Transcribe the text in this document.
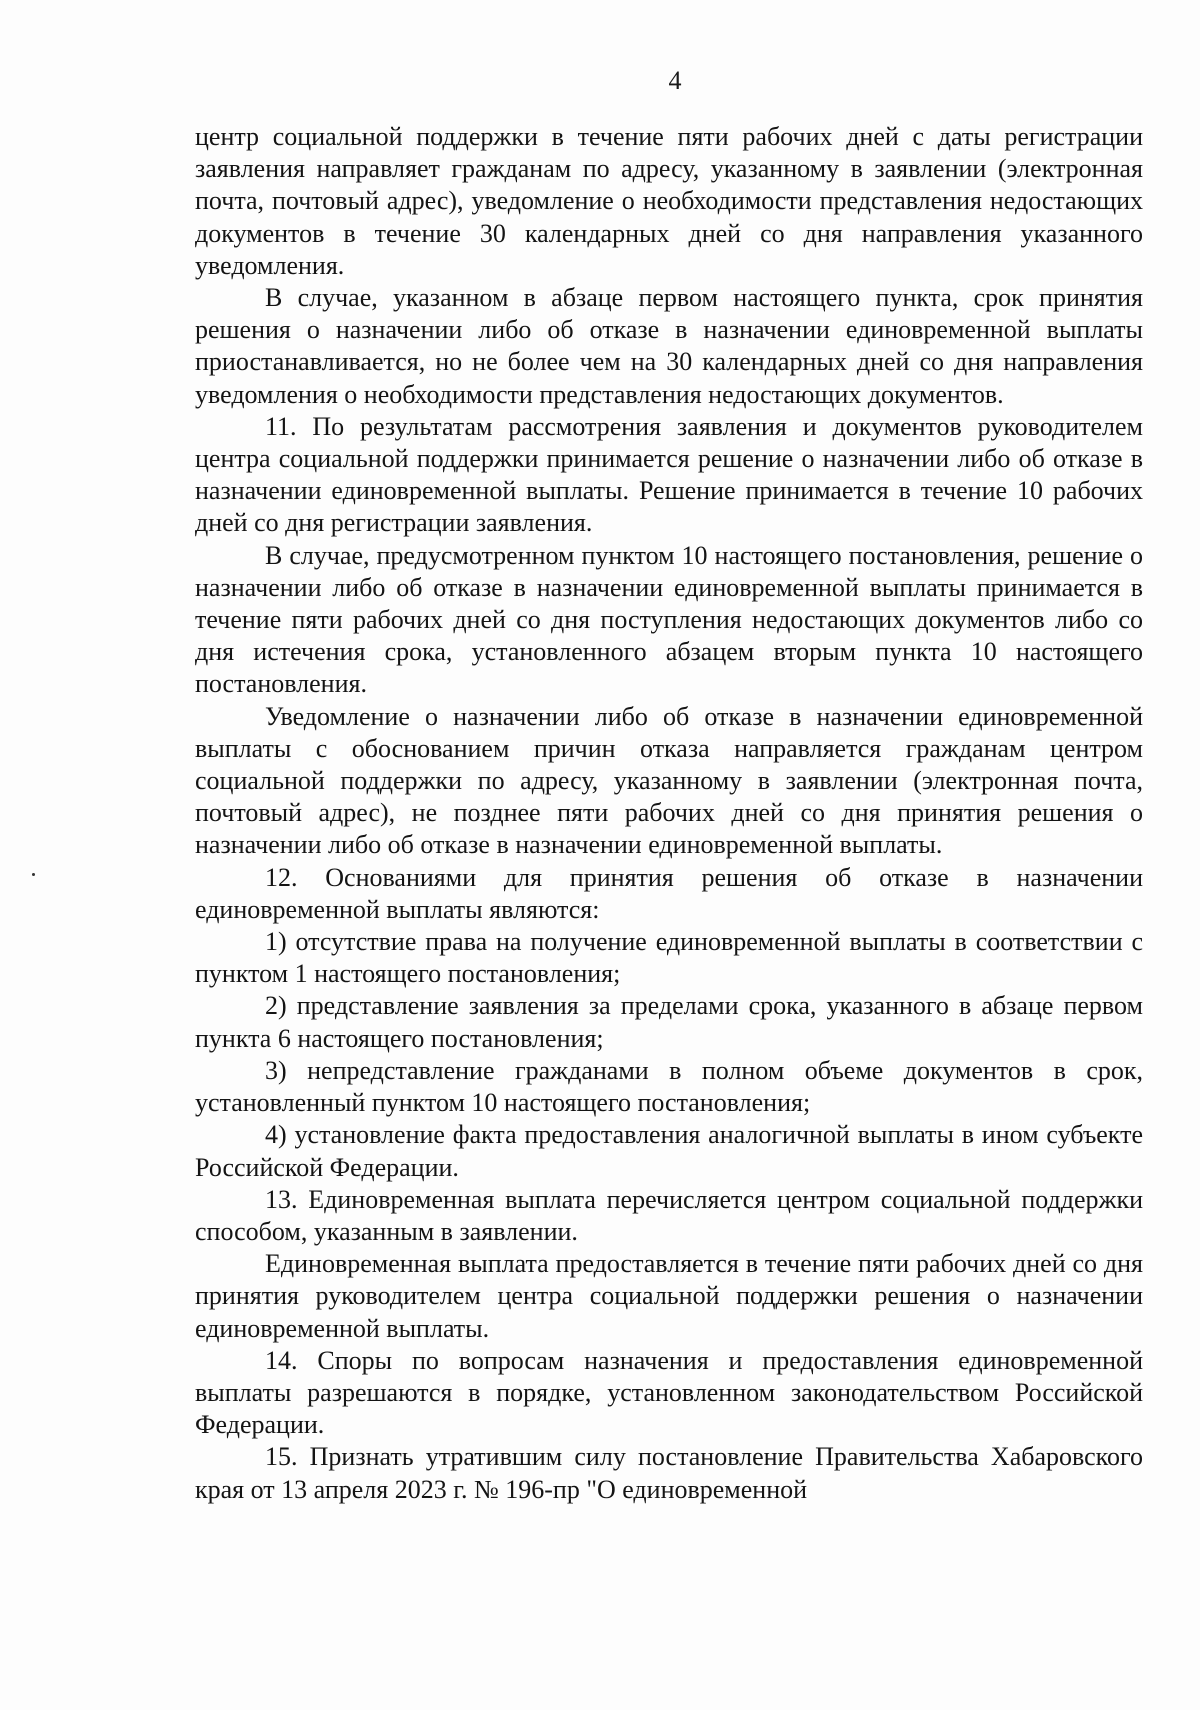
4

центр социальной поддержки в течение пяти рабочих дней с даты регистрации заявления направляет гражданам по адресу, указанному в заявлении (электронная почта, почтовый адрес), уведомление о необходимости представления недостающих документов в течение 30 календарных дней со дня направления указанного уведомления.

В случае, указанном в абзаце первом настоящего пункта, срок принятия решения о назначении либо об отказе в назначении единовременной выплаты приостанавливается, но не более чем на 30 календарных дней со дня направления уведомления о необходимости представления недостающих документов.

11. По результатам рассмотрения заявления и документов руководителем центра социальной поддержки принимается решение о назначении либо об отказе в назначении единовременной выплаты. Решение принимается в течение 10 рабочих дней со дня регистрации заявления.

В случае, предусмотренном пунктом 10 настоящего постановления, решение о назначении либо об отказе в назначении единовременной выплаты принимается в течение пяти рабочих дней со дня поступления недостающих документов либо со дня истечения срока, установленного абзацем вторым пункта 10 настоящего постановления.

Уведомление о назначении либо об отказе в назначении единовременной выплаты с обоснованием причин отказа направляется гражданам центром социальной поддержки по адресу, указанному в заявлении (электронная почта, почтовый адрес), не позднее пяти рабочих дней со дня принятия решения о назначении либо об отказе в назначении единовременной выплаты.

12. Основаниями для принятия решения об отказе в назначении единовременной выплаты являются:

1) отсутствие права на получение единовременной выплаты в соответствии с пунктом 1 настоящего постановления;

2) представление заявления за пределами срока, указанного в абзаце первом пункта 6 настоящего постановления;

3) непредставление гражданами в полном объеме документов в срок, установленный пунктом 10 настоящего постановления;

4) установление факта предоставления аналогичной выплаты в ином субъекте Российской Федерации.

13. Единовременная выплата перечисляется центром социальной поддержки способом, указанным в заявлении.

Единовременная выплата предоставляется в течение пяти рабочих дней со дня принятия руководителем центра социальной поддержки решения о назначении единовременной выплаты.

14. Споры по вопросам назначения и предоставления единовременной выплаты разрешаются в порядке, установленном законодательством Российской Федерации.

15. Признать утратившим силу постановление Правительства Хабаровского края от 13 апреля 2023 г. № 196-пр "О единовременной
